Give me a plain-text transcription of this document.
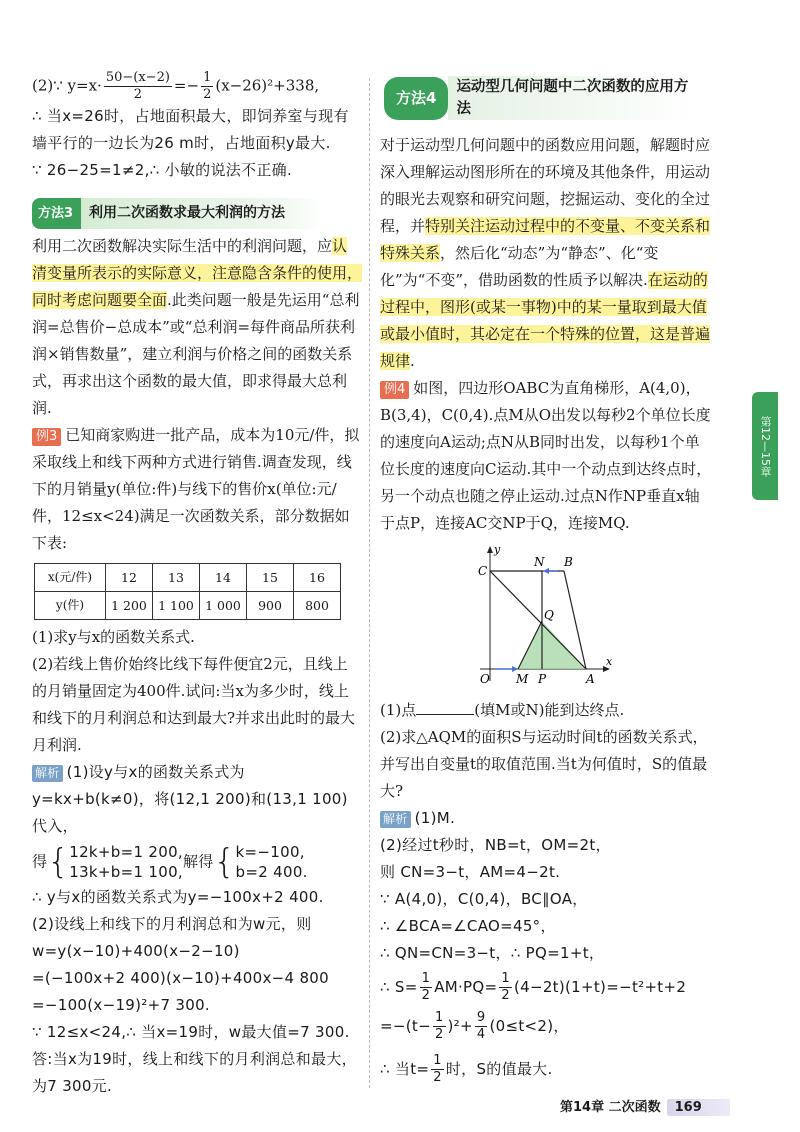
(2)∵ $y=x\cdot \frac{50-(x-2)}{2} =- \frac{1}{2} (x-26)^2+338$,

∴ 当x=26时，占地面积最大，即饲养室与现有墙平行的一边长为26 m时，占地面积y最大.

∵ 26−25=1≠2,∴ 小敏的说法不正确.

方法3	利用二次函数求最大利润的方法

利用二次函数解决实际生活中的利润问题，应认清变量所表示的实际意义，注意隐含条件的使用，同时考虑问题要全面.此类问题一般是先运用“总利润=总售价−总成本”或“总利润=每件商品所获利润×销售数量”，建立利润与价格之间的函数关系式，再求出这个函数的最大值，即求得最大总利润.

例3 已知商家购进一批产品，成本为10元/件，拟采取线上和线下两种方式进行销售.调查发现，线下的月销量y(单位:件)与线下的售价x(单位:元/件，12≤x<24)满足一次函数关系，部分数据如下表:

x(元/件)	12	13	14	15	16
y(件)	1 200	1 100	1 000	900	800

(1)求y与x的函数关系式.

(2)若线上售价始终比线下每件便宜2元，且线上的月销量固定为400件.试问:当x为多少时，线上和线下的月利润总和达到最大?并求出此时的最大月利润.

解析 (1)设y与x的函数关系式为y=kx+b(k≠0)，将(12,1 200)和(13,1 100)代入，

得 { 12k+b=1 200,
13k+b=1 100,
解得 { k=−100,
b=2 400.

∴ y与x的函数关系式为y=−100x+2 400.

(2)设线上和线下的月利润总和为w元，则

w=y(x−10)+400(x−2−10)

=(−100x+2 400)(x−10)+400x−4 800

=−100(x−19)²+7 300.

∵ 12≤x<24,∴ 当x=19时，w最大值=7 300.

答:当x为19时，线上和线下的月利润总和最大，为7 300元.

方法4
运动型几何问题中二次函数的应用方法

对于运动型几何问题中的函数应用问题，解题时应深入理解运动图形所在的环境及其他条件，用运动的眼光去观察和研究问题，挖掘运动、变化的全过程，并特别关注运动过程中的不变量、不变关系和特殊关系，然后化“动态”为“静态”、化“变化”为“不变”，借助函数的性质予以解决.在运动的过程中，图形(或某一事物)中的某一量取到最大值或最小值时，其必定在一个特殊的位置，这是普遍规律.

例4 如图，四边形OABC为直角梯形，A(4,0)，B(3,4)，C(0,4).点M从O出发以每秒2个单位长度的速度向A运动;点N从B同时出发，以每秒1个单位长度的速度向C运动.其中一个动点到达终点时，另一个动点也随之停止运动.过点N作NP垂直x轴于点P，连接AC交NP于Q，连接MQ.

y
x
C
N B
Q
O M P	A

(1)点	(填M或N)能到达终点.

(2)求△AQM的面积S与运动时间t的函数关系式，并写出自变量t的取值范围.当t为何值时，S的值最大?

解析 (1)M.

(2)经过t秒时，NB=t，OM=2t，

则 CN=3−t，AM=4−2t.

∵ A(4,0)，C(0,4)，BC∥OA，

∴ ∠BCA=∠CAO=45°，

∴ QN=CN=3−t，∴ PQ=1+t，

∴ $S= \frac{1}{2} AM\cdot PQ= \frac{1}{2} (4-2t)(1+t)=-t^2+t+2$

$=-(t- \frac{1}{2} )^2+ \frac{9}{4} (0\le t<2)$，

∴ 当$t= \frac{1}{2}$ 时，S的值最大.

第12—15章
第14章 二次函数 169
